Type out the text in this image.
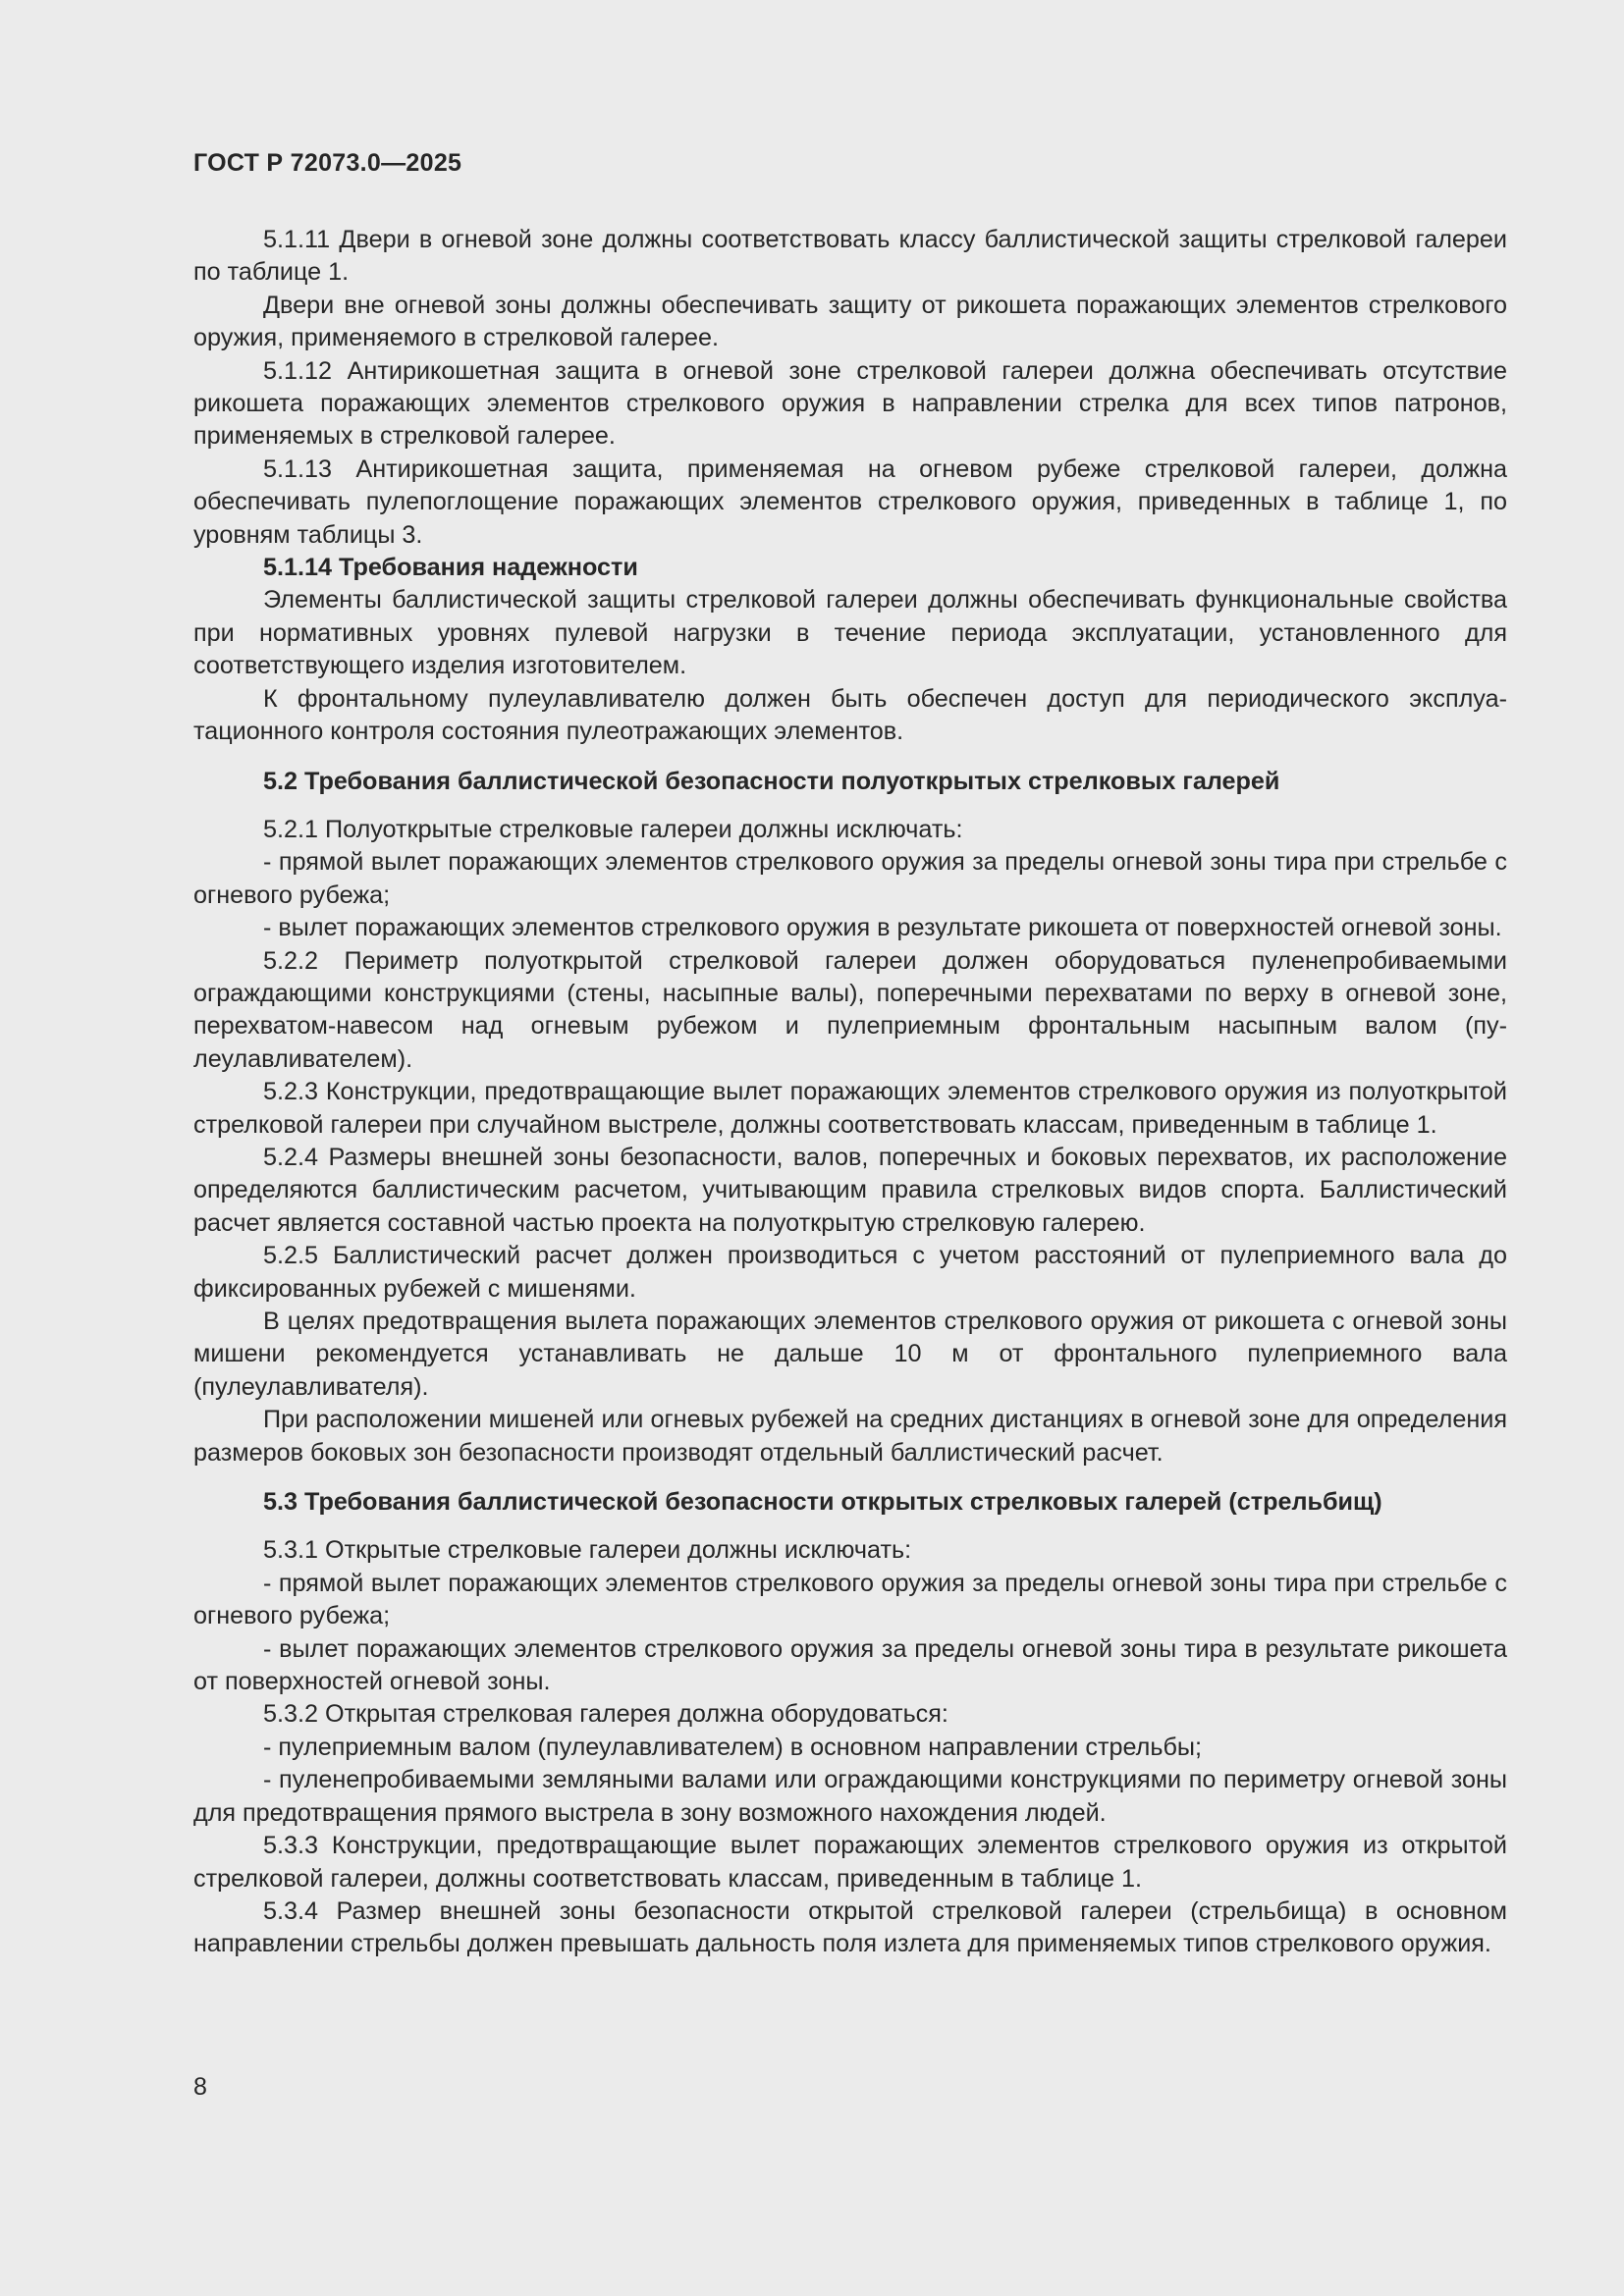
ГОСТ Р 72073.0—2025

5.1.11 Двери в огневой зоне должны соответствовать классу баллистической защиты стрелковой галереи по таблице 1.

Двери вне огневой зоны должны обеспечивать защиту от рикошета поражающих элементов стрелкового оружия, применяемого в стрелковой галерее.

5.1.12 Антирикошетная защита в огневой зоне стрелковой галереи должна обеспечивать отсутствие рикошета поражающих элементов стрелкового оружия в направлении стрелка для всех типов патронов, применяемых в стрелковой галерее.

5.1.13 Антирикошетная защита, применяемая на огневом рубеже стрелковой галереи, должна обеспечивать пулепоглощение поражающих элементов стрелкового оружия, приведенных в таблице 1, по уровням таблицы 3.

5.1.14 Требования надежности

Элементы баллистической защиты стрелковой галереи должны обеспечивать функциональные свойства при нормативных уровнях пулевой нагрузки в течение периода эксплуатации, установленного для соответствующего изделия изготовителем.

К фронтальному пулеулавливателю должен быть обеспечен доступ для периодического эксплуатационного контроля состояния пулеотражающих элементов.

5.2 Требования баллистической безопасности полуоткрытых стрелковых галерей

5.2.1 Полуоткрытые стрелковые галереи должны исключать:

- прямой вылет поражающих элементов стрелкового оружия за пределы огневой зоны тира при стрельбе с огневого рубежа;

- вылет поражающих элементов стрелкового оружия в результате рикошета от поверхностей огневой зоны.

5.2.2 Периметр полуоткрытой стрелковой галереи должен оборудоваться пуленепробиваемыми ограждающими конструкциями (стены, насыпные валы), поперечными перехватами по верху в огневой зоне, перехватом-навесом над огневым рубежом и пулеприемным фронтальным насыпным валом (пулеулавливателем).

5.2.3 Конструкции, предотвращающие вылет поражающих элементов стрелкового оружия из полуоткрытой стрелковой галереи при случайном выстреле, должны соответствовать классам, приведенным в таблице 1.

5.2.4 Размеры внешней зоны безопасности, валов, поперечных и боковых перехватов, их расположение определяются баллистическим расчетом, учитывающим правила стрелковых видов спорта. Баллистический расчет является составной частью проекта на полуоткрытую стрелковую галерею.

5.2.5 Баллистический расчет должен производиться с учетом расстояний от пулеприемного вала до фиксированных рубежей с мишенями.

В целях предотвращения вылета поражающих элементов стрелкового оружия от рикошета с огневой зоны мишени рекомендуется устанавливать не дальше 10 м от фронтального пулеприемного вала (пулеулавливателя).

При расположении мишеней или огневых рубежей на средних дистанциях в огневой зоне для определения размеров боковых зон безопасности производят отдельный баллистический расчет.

5.3 Требования баллистической безопасности открытых стрелковых галерей (стрельбищ)

5.3.1 Открытые стрелковые галереи должны исключать:

- прямой вылет поражающих элементов стрелкового оружия за пределы огневой зоны тира при стрельбе с огневого рубежа;

- вылет поражающих элементов стрелкового оружия за пределы огневой зоны тира в результате рикошета от поверхностей огневой зоны.

5.3.2 Открытая стрелковая галерея должна оборудоваться:

- пулеприемным валом (пулеулавливателем) в основном направлении стрельбы;

- пуленепробиваемыми земляными валами или ограждающими конструкциями по периметру огневой зоны для предотвращения прямого выстрела в зону возможного нахождения людей.

5.3.3 Конструкции, предотвращающие вылет поражающих элементов стрелкового оружия из открытой стрелковой галереи, должны соответствовать классам, приведенным в таблице 1.

5.3.4 Размер внешней зоны безопасности открытой стрелковой галереи (стрельбища) в основном направлении стрельбы должен превышать дальность поля излета для применяемых типов стрелкового оружия.

8
